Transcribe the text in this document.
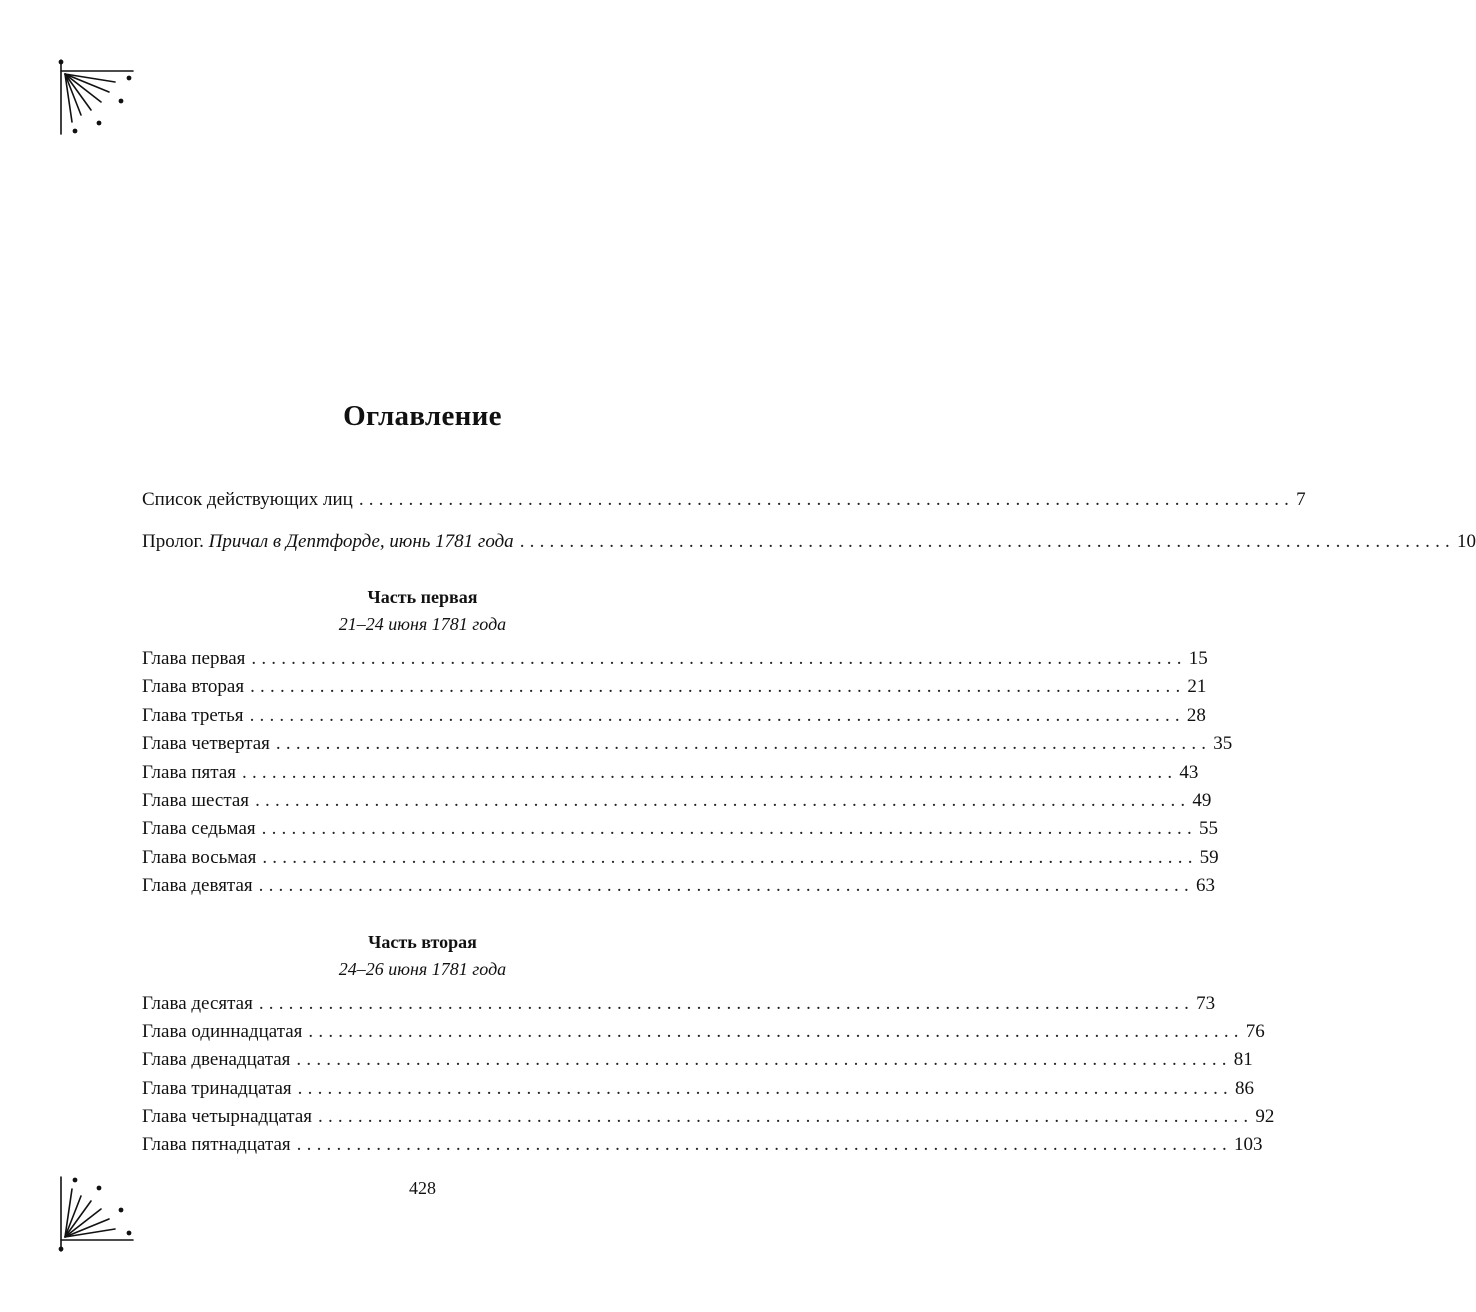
Оглавление
Список действующих лиц .............................................................................................. 7
Пролог. Причал в Дептфорде, июнь 1781 года .............................................................................................. 10
Часть первая
21–24 июня 1781 года
Глава первая .............................................................................................. 15
Глава вторая .............................................................................................. 21
Глава третья .............................................................................................. 28
Глава четвертая .............................................................................................. 35
Глава пятая .............................................................................................. 43
Глава шестая .............................................................................................. 49
Глава седьмая .............................................................................................. 55
Глава восьмая .............................................................................................. 59
Глава девятая .............................................................................................. 63
Часть вторая
24–26 июня 1781 года
Глава десятая .............................................................................................. 73
Глава одиннадцатая .............................................................................................. 76
Глава двенадцатая .............................................................................................. 81
Глава тринадцатая .............................................................................................. 86
Глава четырнадцатая .............................................................................................. 92
Глава пятнадцатая .............................................................................................. 103
428
